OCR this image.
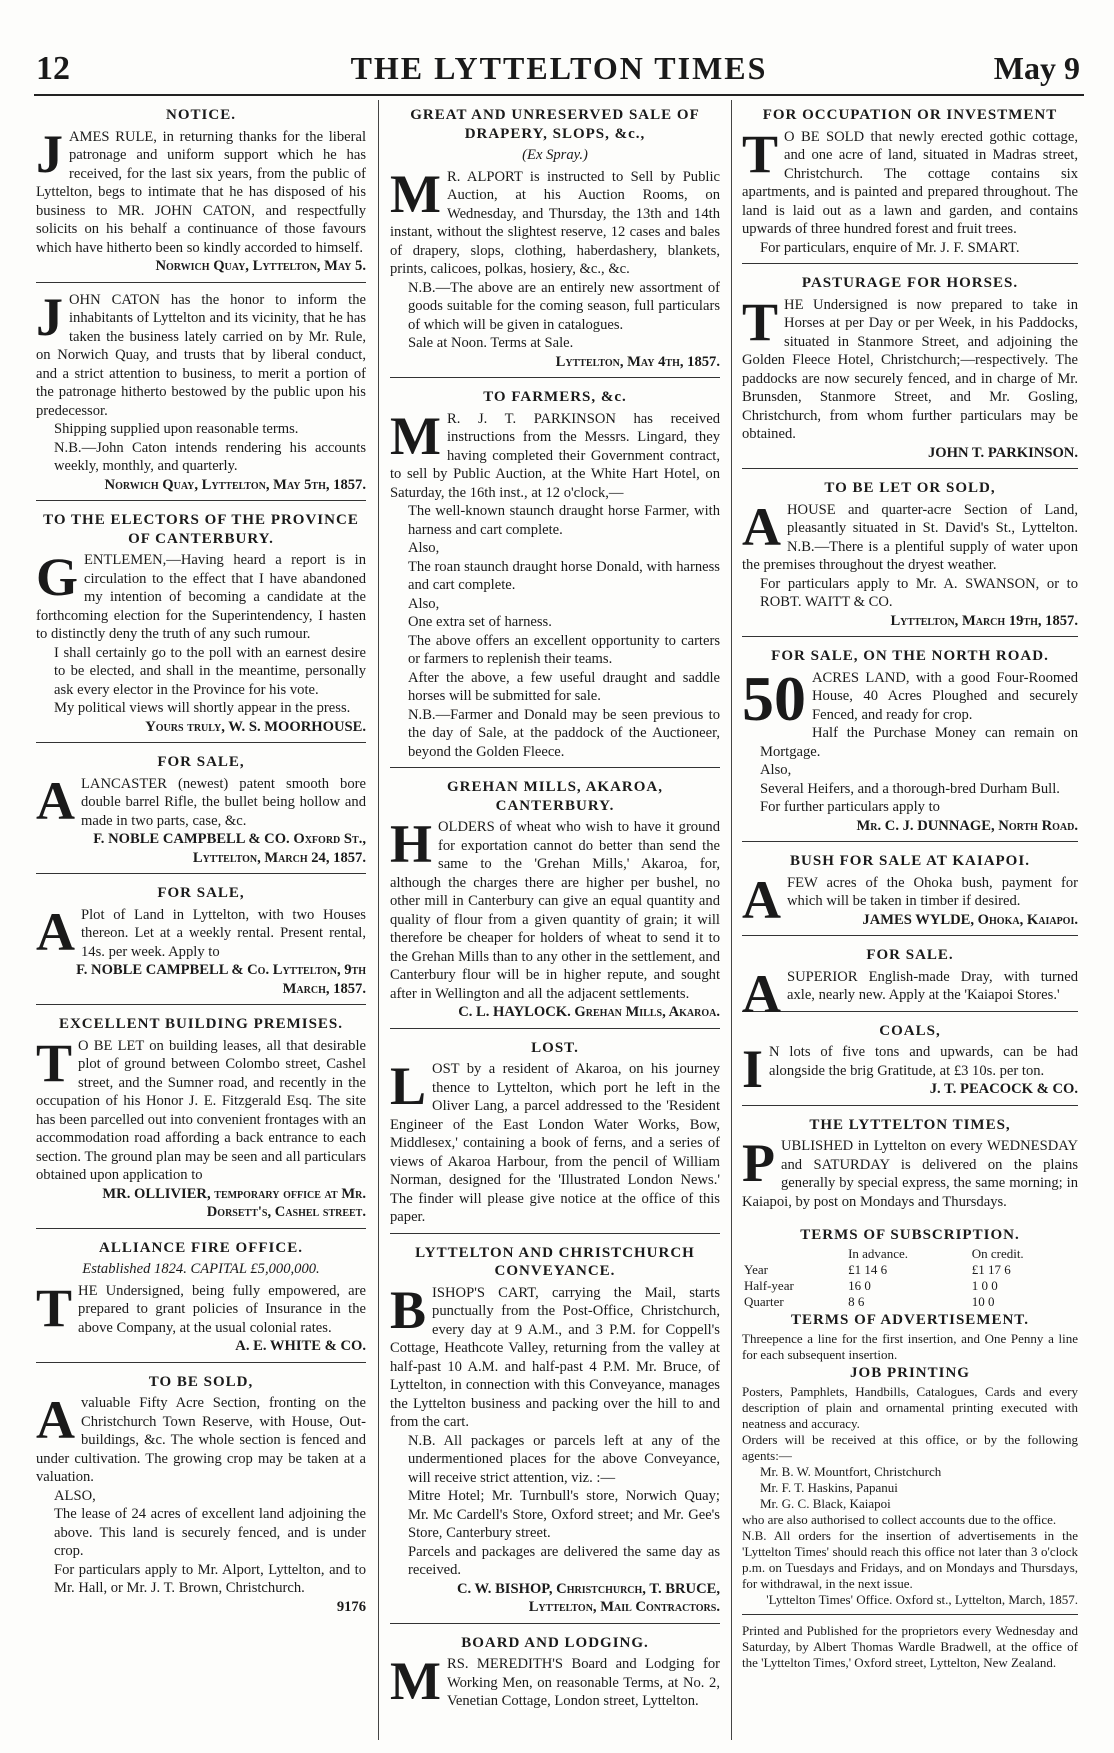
12	THE LYTTELTON TIMES	May 9
NOTICE.

JAMES RULE, in returning thanks for the liberal patronage and uniform support which he has received, for the last six years, from the public of Lyttelton, begs to intimate that he has disposed of his business to MR. JOHN CATON, and respectfully solicits on his behalf a continuance of those favours which have hitherto been so kindly accorded to himself.

Norwich Quay, Lyttelton, May 5.

JOHN CATON has the honor to inform the inhabitants of Lyttelton and its vicinity, that he has taken the business lately carried on by Mr. Rule, on Norwich Quay, and trusts that by liberal conduct, and a strict attention to business, to merit a portion of the patronage hitherto bestowed by the public upon his predecessor.

Shipping supplied upon reasonable terms.

N.B.—John Caton intends rendering his accounts weekly, monthly, and quarterly.

Norwich Quay, Lyttelton, May 5th, 1857.
TO THE ELECTORS OF THE PROVINCE OF CANTERBURY.

GENTLEMEN,—Having heard a report is in circulation to the effect that I have abandoned my intention of becoming a candidate at the forthcoming election for the Superintendency, I hasten to distinctly deny the truth of any such rumour.

I shall certainly go to the poll with an earnest desire to be elected, and shall in the meantime, personally ask every elector in the Province for his vote.

My political views will shortly appear in the press.

Yours truly, W. S. MOORHOUSE.
FOR SALE,

ALANCASTER (newest) patent smooth bore double barrel Rifle, the bullet being hollow and made in two parts, case, &c.

F. NOBLE CAMPBELL & CO. Oxford St., Lyttelton, March 24, 1857.
FOR SALE,

A Plot of Land in Lyttelton, with two Houses thereon. Let at a weekly rental. Present rental, 14s. per week. Apply to

F. NOBLE CAMPBELL & Co. Lyttelton, 9th March, 1857.
EXCELLENT BUILDING PREMISES.

T O BE LET on building leases, all that desirable plot of ground between Colombo street, Cashel street, and the Sumner road, and recently in the occupation of his Honor J. E. Fitzgerald Esq. The site has been parcelled out into convenient frontages with an accommodation road affording a back entrance to each section. The ground plan may be seen and all particulars obtained upon application to

MR. OLLIVIER, temporary office at Mr. Dorsett's, Cashel street.
ALLIANCE FIRE OFFICE.
Established 1824. CAPITAL £5,000,000.

THE Undersigned, being fully empowered, are prepared to grant policies of Insurance in the above Company, at the usual colonial rates.

A. E. WHITE & CO.
TO BE SOLD,

Avaluable Fifty Acre Section, fronting on the Christchurch Town Reserve, with House, Out-buildings, &c. The whole section is fenced and under cultivation. The growing crop may be taken at a valuation.

ALSO,

The lease of 24 acres of excellent land adjoining the above. This land is securely fenced, and is under crop.

For particulars apply to Mr. Alport, Lyttelton, and to Mr. Hall, or Mr. J. T. Brown, Christchurch.

9176
GREAT AND UNRESERVED SALE OF DRAPERY, SLOPS, &c.,
(Ex Spray.)

M R. ALPORT is instructed to Sell by Public Auction, at his Auction Rooms, on Wednesday, and Thursday, the 13th and 14th instant, without the slightest reserve, 12 cases and bales of drapery, slops, clothing, haberdashery, blankets, prints, calicoes, polkas, hosiery, &c., &c.

N.B.—The above are an entirely new assortment of goods suitable for the coming season, full particulars of which will be given in catalogues.

Sale at Noon. Terms at Sale.

Lyttelton, May 4th, 1857.
TO FARMERS, &c.

M R. J. T. PARKINSON has received instructions from the Messrs. Lingard, they having completed their Government contract, to sell by Public Auction, at the White Hart Hotel, on Saturday, the 16th inst., at 12 o'clock,—

The well-known staunch draught horse Farmer, with harness and cart complete.

Also,

The roan staunch draught horse Donald, with harness and cart complete.

Also,

One extra set of harness.

The above offers an excellent opportunity to carters or farmers to replenish their teams.

After the above, a few useful draught and saddle horses will be submitted for sale.

N.B.—Farmer and Donald may be seen previous to the day of Sale, at the paddock of the Auctioneer, beyond the Golden Fleece.

GREHAN MILLS, AKAROA, CANTERBURY.

HOLDERS of wheat who wish to have it ground for exportation cannot do better than send the same to the 'Grehan Mills,' Akaroa, for, although the charges there are higher per bushel, no other mill in Canterbury can give an equal quantity and quality of flour from a given quantity of grain; it will therefore be cheaper for holders of wheat to send it to the Grehan Mills than to any other in the settlement, and Canterbury flour will be in higher repute, and sought after in Wellington and all the adjacent settlements.

C. L. HAYLOCK. Grehan Mills, Akaroa.
LOST.

LOST by a resident of Akaroa, on his journey thence to Lyttelton, which port he left in the Oliver Lang, a parcel addressed to the 'Resident Engineer of the East London Water Works, Bow, Middlesex,' containing a book of ferns, and a series of views of Akaroa Harbour, from the pencil of William Norman, designed for the 'Illustrated London News.' The finder will please give notice at the office of this paper.

LYTTELTON AND CHRISTCHURCH CONVEYANCE.

BISHOP'S CART, carrying the Mail, starts punctually from the Post-Office, Christchurch, every day at 9 A.M., and 3 P.M. for Coppell's Cottage, Heathcote Valley, returning from the valley at half-past 10 A.M. and half-past 4 P.M. Mr. Bruce, of Lyttelton, in connection with this Conveyance, manages the Lyttelton business and packing over the hill to and from the cart.

N.B. All packages or parcels left at any of the undermentioned places for the above Conveyance, will receive strict attention, viz. :—

Mitre Hotel; Mr. Turnbull's store, Norwich Quay; Mr. Mc Cardell's Store, Oxford street; and Mr. Gee's Store, Canterbury street.

Parcels and packages are delivered the same day as received.

C. W. BISHOP, Christchurch, T. BRUCE, Lyttelton, Mail Contractors.
BOARD AND LODGING.

MRS. MEREDITH'S Board and Lodging for Working Men, on reasonable Terms, at No. 2, Venetian Cottage, London street, Lyttelton.

FOR OCCUPATION OR INVESTMENT

T O BE SOLD that newly erected gothic cottage, and one acre of land, situated in Madras street, Christchurch. The cottage contains six apartments, and is painted and prepared throughout. The land is laid out as a lawn and garden, and contains upwards of three hundred forest and fruit trees.

For particulars, enquire of Mr. J. F. SMART.

PASTURAGE FOR HORSES.

THE Undersigned is now prepared to take in Horses at per Day or per Week, in his Paddocks, situated in Stanmore Street, and adjoining the Golden Fleece Hotel, Christchurch;—respectively. The paddocks are now securely fenced, and in charge of Mr. Brunsden, Stanmore Street, and Mr. Gosling, Christchurch, from whom further particulars may be obtained.

JOHN T. PARKINSON.
TO BE LET OR SOLD,

AHOUSE and quarter-acre Section of Land, pleasantly situated in St. David's St., Lyttelton. N.B.—There is a plentiful supply of water upon the premises throughout the dryest weather.

For particulars apply to Mr. A. SWANSON, or to ROBT. WAITT & CO.

Lyttelton, March 19th, 1857.
FOR SALE, ON THE NORTH ROAD.

50 ACRES LAND, with a good Four-Roomed House, 40 Acres Ploughed and securely Fenced, and ready for crop.

Half the Purchase Money can remain on Mortgage.

Also,

Several Heifers, and a thorough-bred Durham Bull.

For further particulars apply to

Mr. C. J. DUNNAGE, North Road.
BUSH FOR SALE AT KAIAPOI.

AFEW acres of the Ohoka bush, payment for which will be taken in timber if desired.

JAMES WYLDE, Ohoka, Kaiapoi.
FOR SALE.

ASUPERIOR English-made Dray, with turned axle, nearly new. Apply at the 'Kaiapoi Stores.'

COALS,

I N lots of five tons and upwards, can be had alongside the brig Gratitude, at £3 10s. per ton.

J. T. PEACOCK & CO.
THE LYTTELTON TIMES,

PUBLISHED in Lyttelton on every WEDNESDAY and SATURDAY is delivered on the plains generally by special express, the same morning; in Kaiapoi, by post on Mondays and Thursdays.

TERMS OF SUBSCRIPTION.
	In advance.	On credit.
Year	£1 14 6	£1 17 6
Half-year	16 0	1 0 0
Quarter	8 6	10 0
TERMS OF ADVERTISEMENT.

Threepence a line for the first insertion, and One Penny a line for each subsequent insertion.

JOB PRINTING

Posters, Pamphlets, Handbills, Catalogues, Cards and every description of plain and ornamental printing executed with neatness and accuracy.

Orders will be received at this office, or by the following agents:—

Mr. B. W. Mountfort, Christchurch

Mr. F. T. Haskins, Papanui

Mr. G. C. Black, Kaiapoi

who are also authorised to collect accounts due to the office.

N.B. All orders for the insertion of advertisements in the 'Lyttelton Times' should reach this office not later than 3 o'clock p.m. on Tuesdays and Fridays, and on Mondays and Thursdays, for withdrawal, in the next issue.

'Lyttelton Times' Office. Oxford st., Lyttelton, March, 1857.

Printed and Published for the proprietors every Wednesday and Saturday, by Albert Thomas Wardle Bradwell, at the office of the 'Lyttelton Times,' Oxford street, Lyttelton, New Zealand.
